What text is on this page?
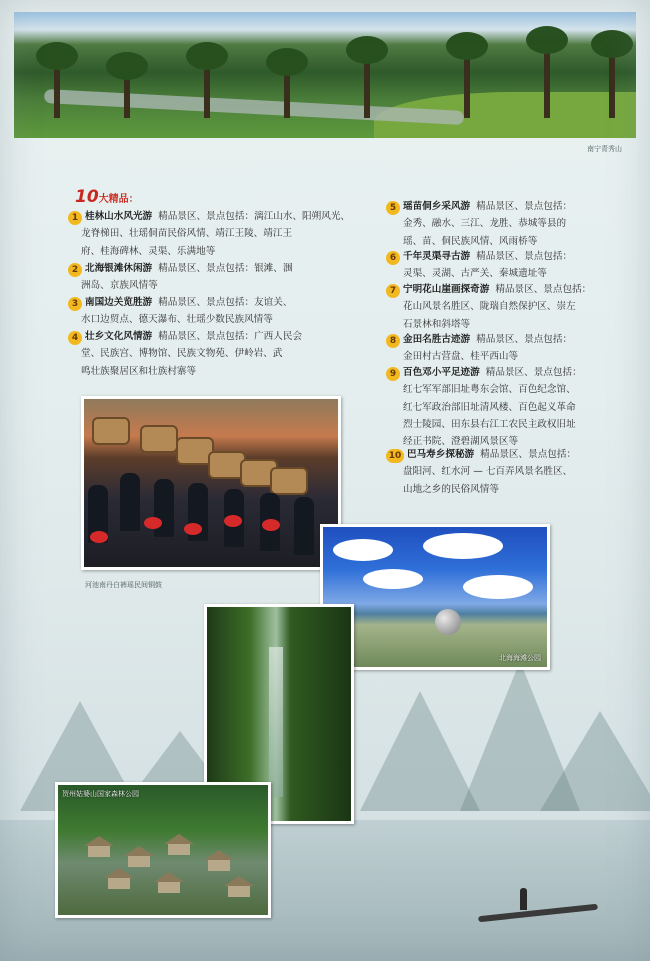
南宁青秀山
10大精品：
1 桂林山水风光游 精品景区、景点包括：漓江山水、阳朔风光、
龙脊梯田、壮瑶侗苗民俗风情、靖江王陵、靖江王
府、桂海碑林、灵渠、乐满地等
2 北海银滩休闲游 精品景区、景点包括：银滩、涠
洲岛、京族风情等
3 南国边关览胜游 精品景区、景点包括：友谊关、
水口边贸点、德天瀑布、壮瑶少数民族风情等
4 壮乡文化风情游 精品景区、景点包括：广西人民会
堂、民族宫、博物馆、民族文物苑、伊岭岩、武
鸣壮族聚居区和壮族村寨等
5 瑶苗侗乡采风游 精品景区、景点包括：
金秀、融水、三江、龙胜、恭城等县的
瑶、苗、侗民族风情、风雨桥等
6 千年灵渠寻古游 精品景区、景点包括：
灵渠、灵湖、古严关、秦城遗址等
7 宁明花山崖画探奇游 精品景区、景点包括：
花山风景名胜区、陇瑞自然保护区、崇左
石景林和斜塔等
8 金田名胜古迹游 精品景区、景点包括：
金田村古营盘、桂平西山等
9 百色邓小平足迹游 精品景区、景点包括：
红七军军部旧址粤东会馆、百色纪念馆、
红七军政治部旧址清风楼、百色起义革命
烈士陵园、田东县右江工农民主政权旧址
经正书院、澄碧湖风景区等
10 巴马寿乡探秘游 精品景区、景点包括：
盘阳河、红水河 — 七百弄风景名胜区、
山地之乡的民俗风情等
河池南丹白裤瑶民间铜鼓
北海海滩公园
贺州姑婆山国家森林公园
